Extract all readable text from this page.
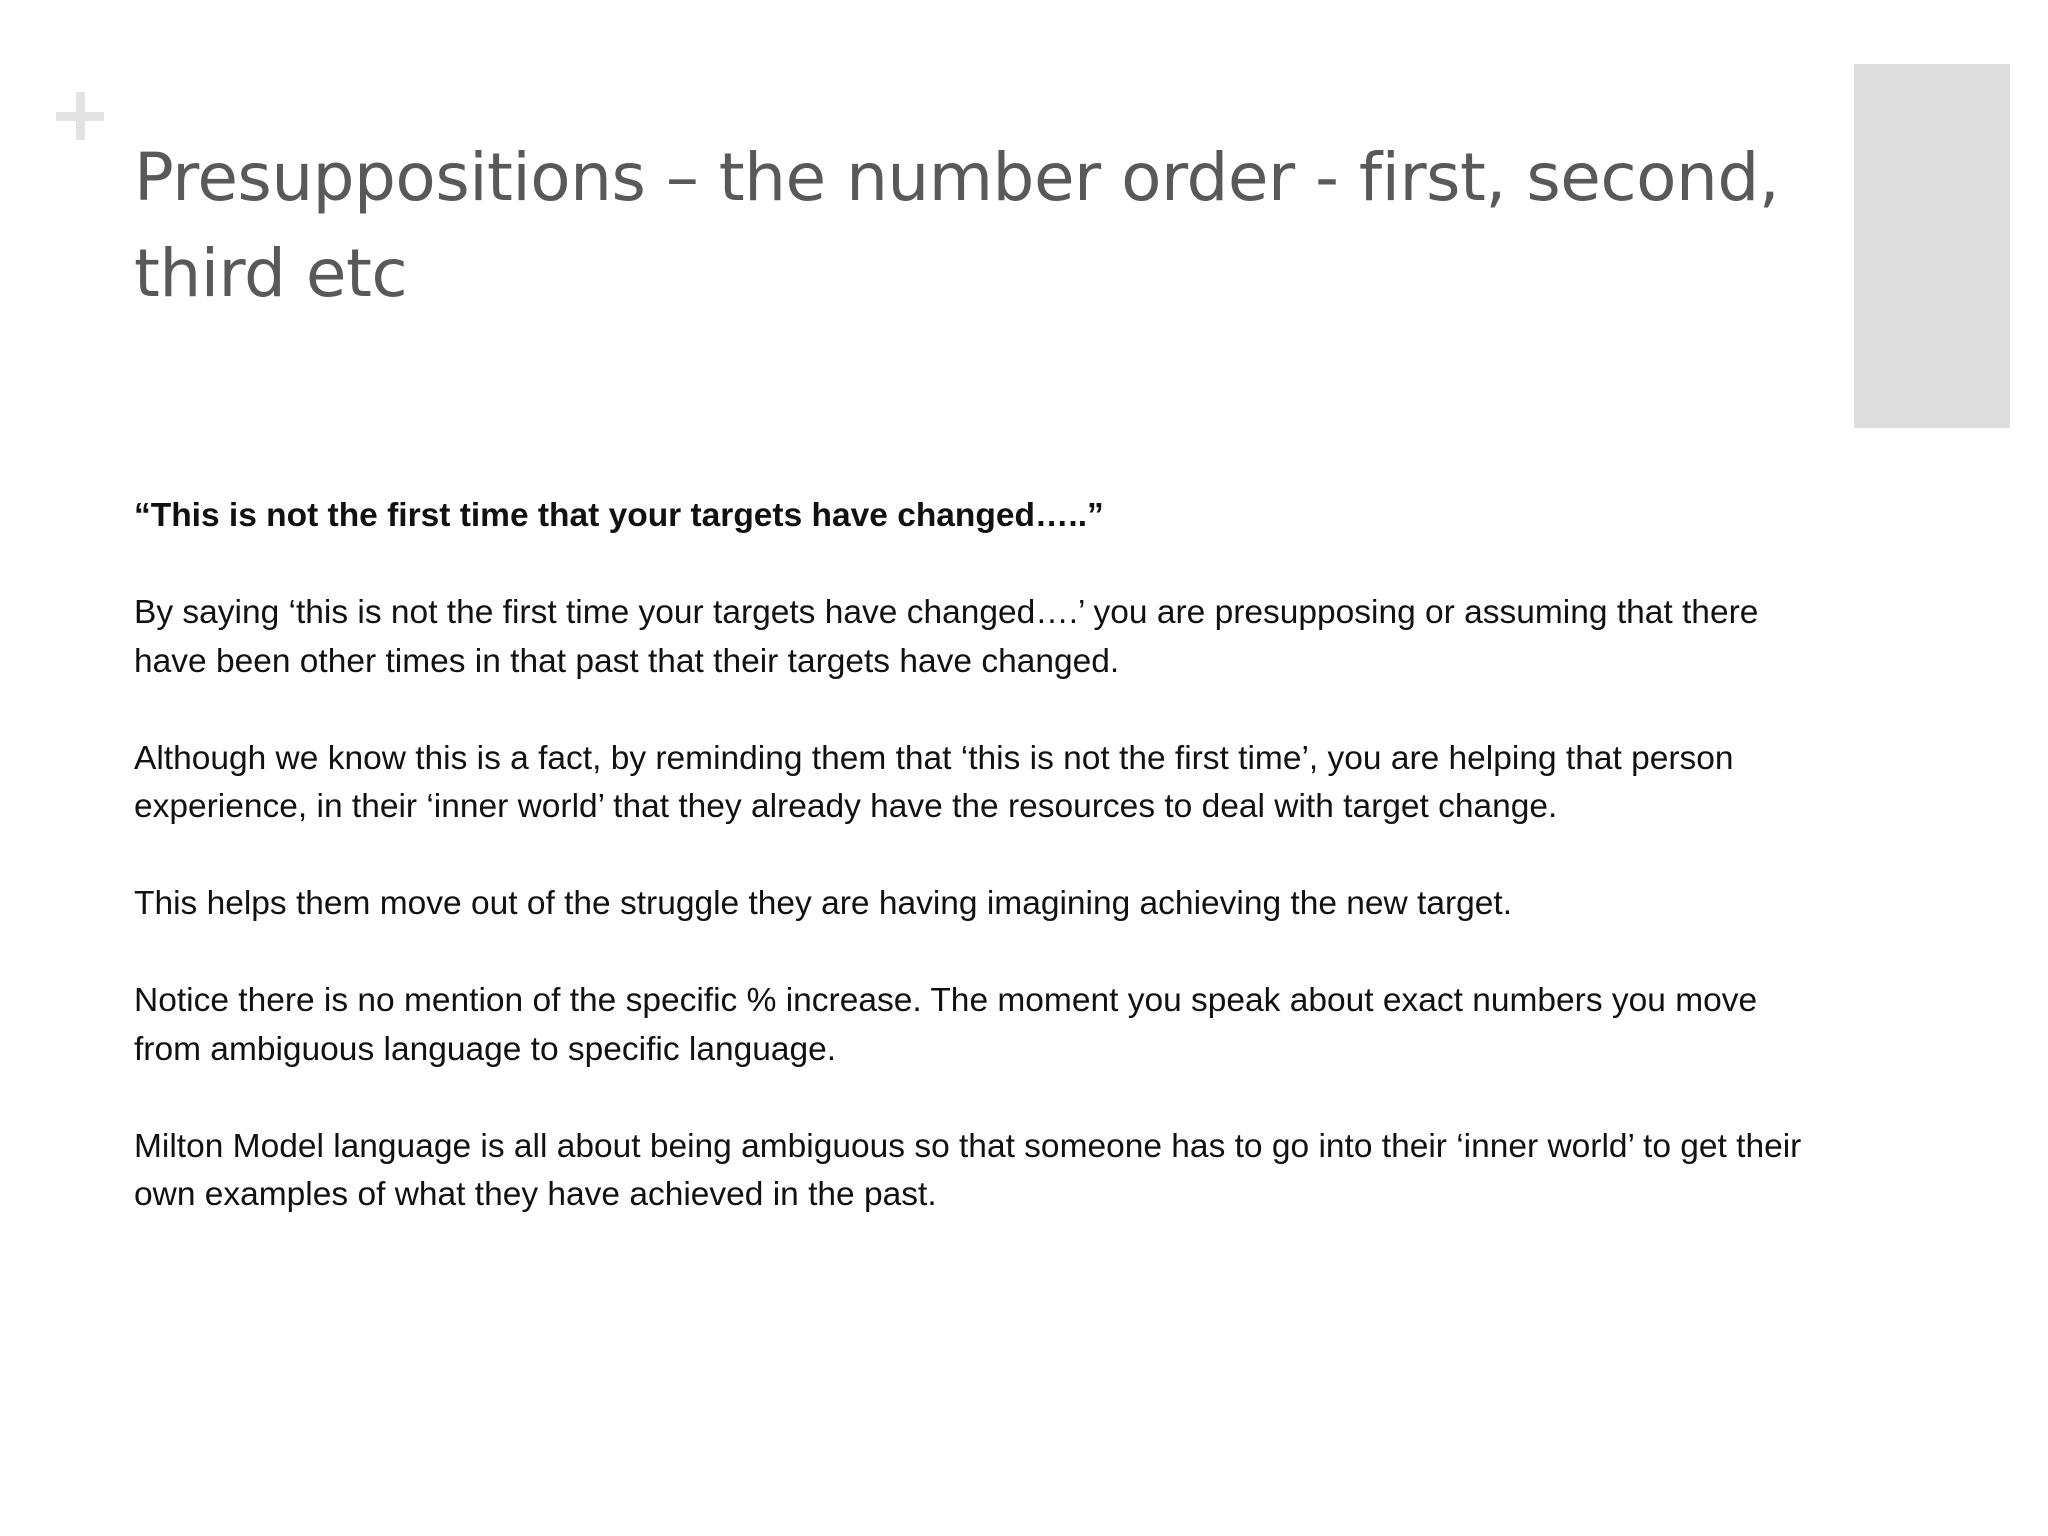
Presuppositions – the number order - first, second, third etc

“This is not the first time that your targets have changed…..”

By saying ‘this is not the first time your targets have changed….’ you are presupposing or assuming that there have been other times in that past that their targets have changed.

Although we know this is a fact, by reminding them that ‘this is not the first time’, you are helping that person experience, in their ‘inner world’ that they already have the resources to deal with target change.

This helps them move out of the struggle they are having imagining achieving the new target.

Notice there is no mention of the specific % increase. The moment you speak about exact numbers you move from ambiguous language to specific language.

Milton Model language is all about being ambiguous so that someone has to go into their ‘inner world’ to get their own examples of what they have achieved in the past.
